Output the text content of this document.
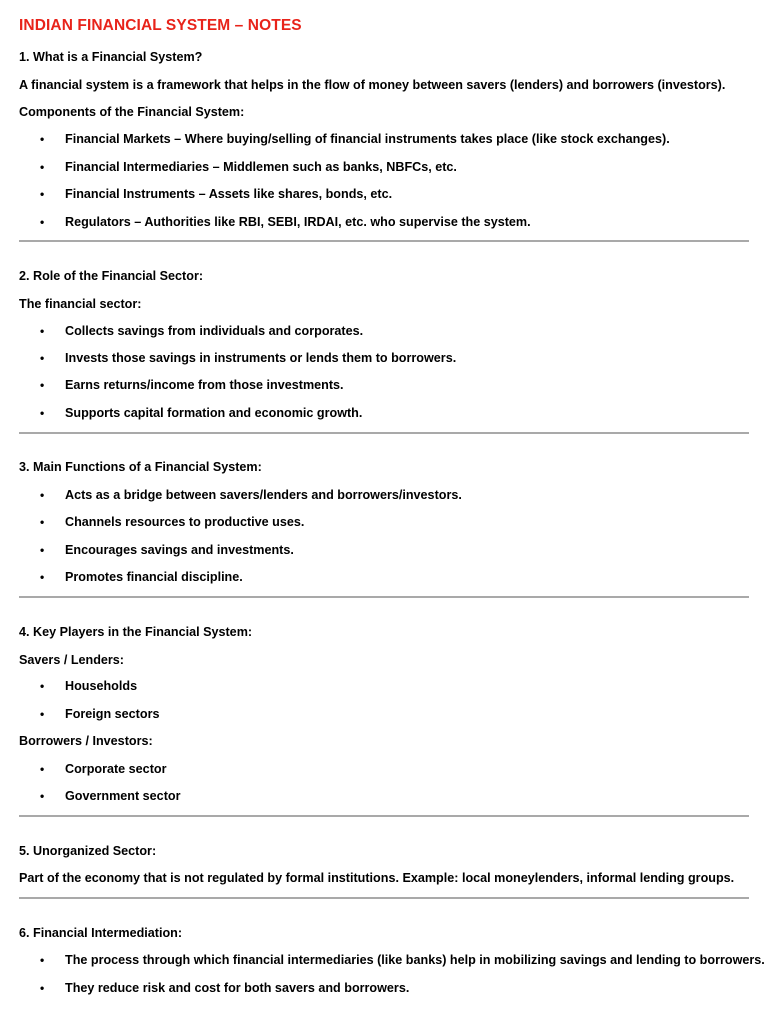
INDIAN FINANCIAL SYSTEM – NOTES

1. What is a Financial System?

A financial system is a framework that helps in the flow of money between savers (lenders) and borrowers (investors).

Components of the Financial System:

• Financial Markets – Where buying/selling of financial instruments takes place (like stock exchanges).

• Financial Intermediaries – Middlemen such as banks, NBFCs, etc.

• Financial Instruments – Assets like shares, bonds, etc.

• Regulators – Authorities like RBI, SEBI, IRDAI, etc. who supervise the system.

2. Role of the Financial Sector:

The financial sector:

• Collects savings from individuals and corporates.

• Invests those savings in instruments or lends them to borrowers.

• Earns returns/income from those investments.

• Supports capital formation and economic growth.

3. Main Functions of a Financial System:

• Acts as a bridge between savers/lenders and borrowers/investors.

• Channels resources to productive uses.

• Encourages savings and investments.

• Promotes financial discipline.

4. Key Players in the Financial System:

Savers / Lenders:

• Households

• Foreign sectors

Borrowers / Investors:

• Corporate sector

• Government sector

5. Unorganized Sector:

Part of the economy that is not regulated by formal institutions. Example: local moneylenders, informal lending groups.

6. Financial Intermediation:

• The process through which financial intermediaries (like banks) help in mobilizing savings and lending to borrowers.

• They reduce risk and cost for both savers and borrowers.
